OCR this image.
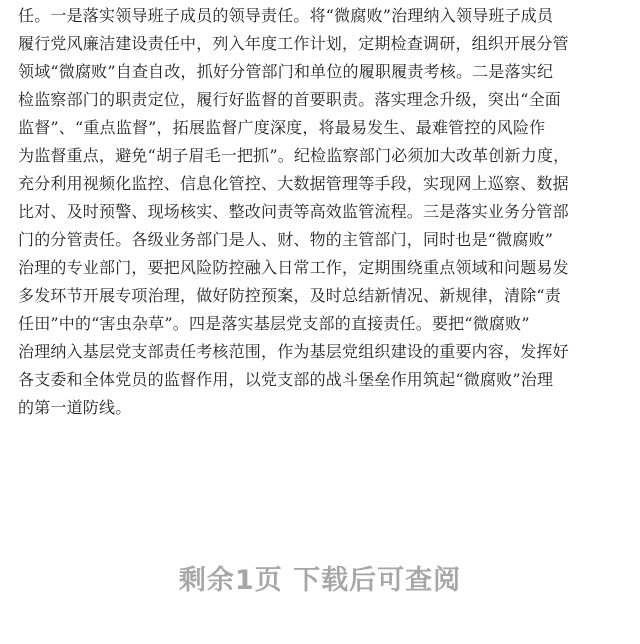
任。一是落实领导班子成员的领导责任。将“微腐败”治理纳入领导班子成员
履行党风廉洁建设责任中，列入年度工作计划，定期检查调研，组织开展分管
领域“微腐败”自查自改，抓好分管部门和单位的履职履责考核。二是落实纪
检监察部门的职责定位，履行好监督的首要职责。落实理念升级，突出“全面
监督”、“重点监督”，拓展监督广度深度，将最易发生、最难管控的风险作
为监督重点，避免“胡子眉毛一把抓”。纪检监察部门必须加大改革创新力度，
充分利用视频化监控、信息化管控、大数据管理等手段，实现网上巡察、数据
比对、及时预警、现场核实、整改问责等高效监管流程。三是落实业务分管部
门的分管责任。各级业务部门是人、财、物的主管部门，同时也是“微腐败”
治理的专业部门，要把风险防控融入日常工作，定期围绕重点领域和问题易发
多发环节开展专项治理，做好防控预案，及时总结新情况、新规律，清除“责
任田”中的“害虫杂草”。四是落实基层党支部的直接责任。要把“微腐败”
治理纳入基层党支部责任考核范围，作为基层党组织建设的重要内容，发挥好
各支委和全体党员的监督作用，以党支部的战斗堡垒作用筑起“微腐败”治理
的第一道防线。
剩余1页 下载后可查阅
